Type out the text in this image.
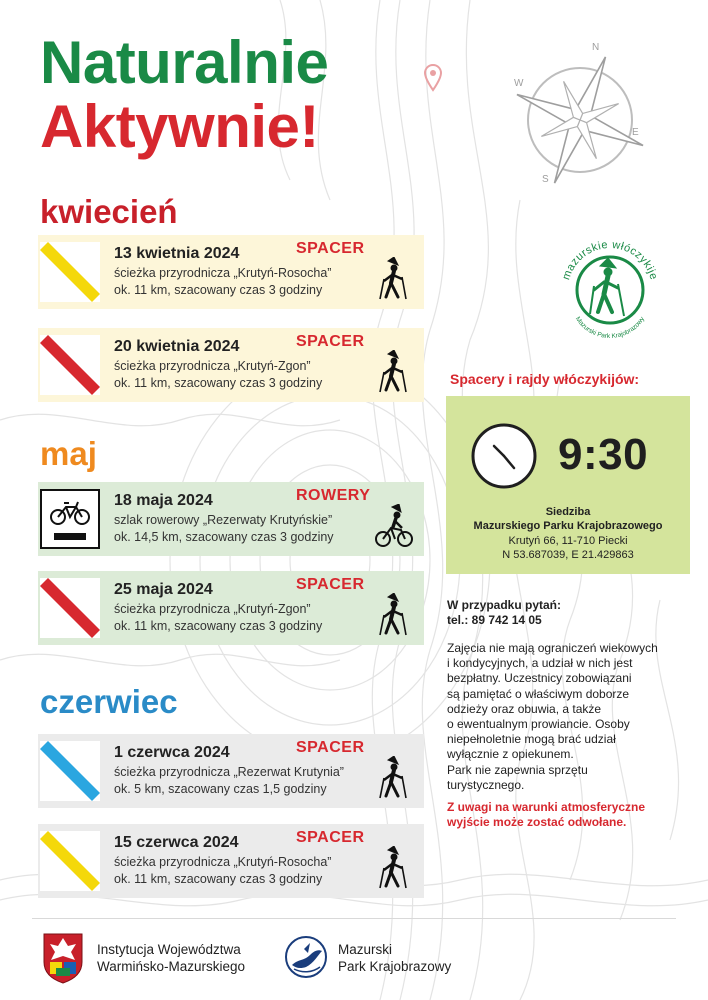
Naturalnie
Aktywnie!
N
E
S
W
mazurskie włóczykije
Mazurski Park Krajobrazowy
kwiecień
maj
czerwiec
13 kwietnia 2024	SPACER
ścieżka przyrodnicza „Krutyń-Rosocha”
ok. 11 km, szacowany czas 3 godziny
20 kwietnia 2024	SPACER
ścieżka przyrodnicza „Krutyń-Zgon”
ok. 11 km, szacowany czas 3 godziny
18 maja 2024	ROWERY
szlak rowerowy „Rezerwaty Krutyńskie”
ok. 14,5 km, szacowany czas 3 godziny
25 maja 2024	SPACER
ścieżka przyrodnicza „Krutyń-Zgon”
ok. 11 km, szacowany czas 3 godziny
1 czerwca 2024	SPACER
ścieżka przyrodnicza „Rezerwat Krutynia”
ok. 5 km, szacowany czas 1,5 godziny
15 czerwca 2024	SPACER
ścieżka przyrodnicza „Krutyń-Rosocha”
ok. 11 km, szacowany czas 3 godziny
Spacery i rajdy włóczykijów:
9:30
Siedziba
Mazurskiego Parku Krajobrazowego
Krutyń 66, 11-710 Piecki
N 53.687039, E 21.429863
W przypadku pytań:
tel.: 89 742 14 05

Zajęcia nie mają ograniczeń wiekowych

i kondycyjnych, a udział w nich jest

bezpłatny. Uczestnicy zobowiązani

są pamiętać o właściwym doborze

odzieży oraz obuwia, a także

o ewentualnym prowiancie. Osoby

niepełnoletnie mogą brać udział

wyłącznie z opiekunem.

Park nie zapewnia sprzętu

turystycznego.

Z uwagi na warunki atmosferyczne

wyjście może zostać odwołane.

Instytucja Województwa
Warmińsko-Mazurskiego
Mazurski
Park Krajobrazowy
